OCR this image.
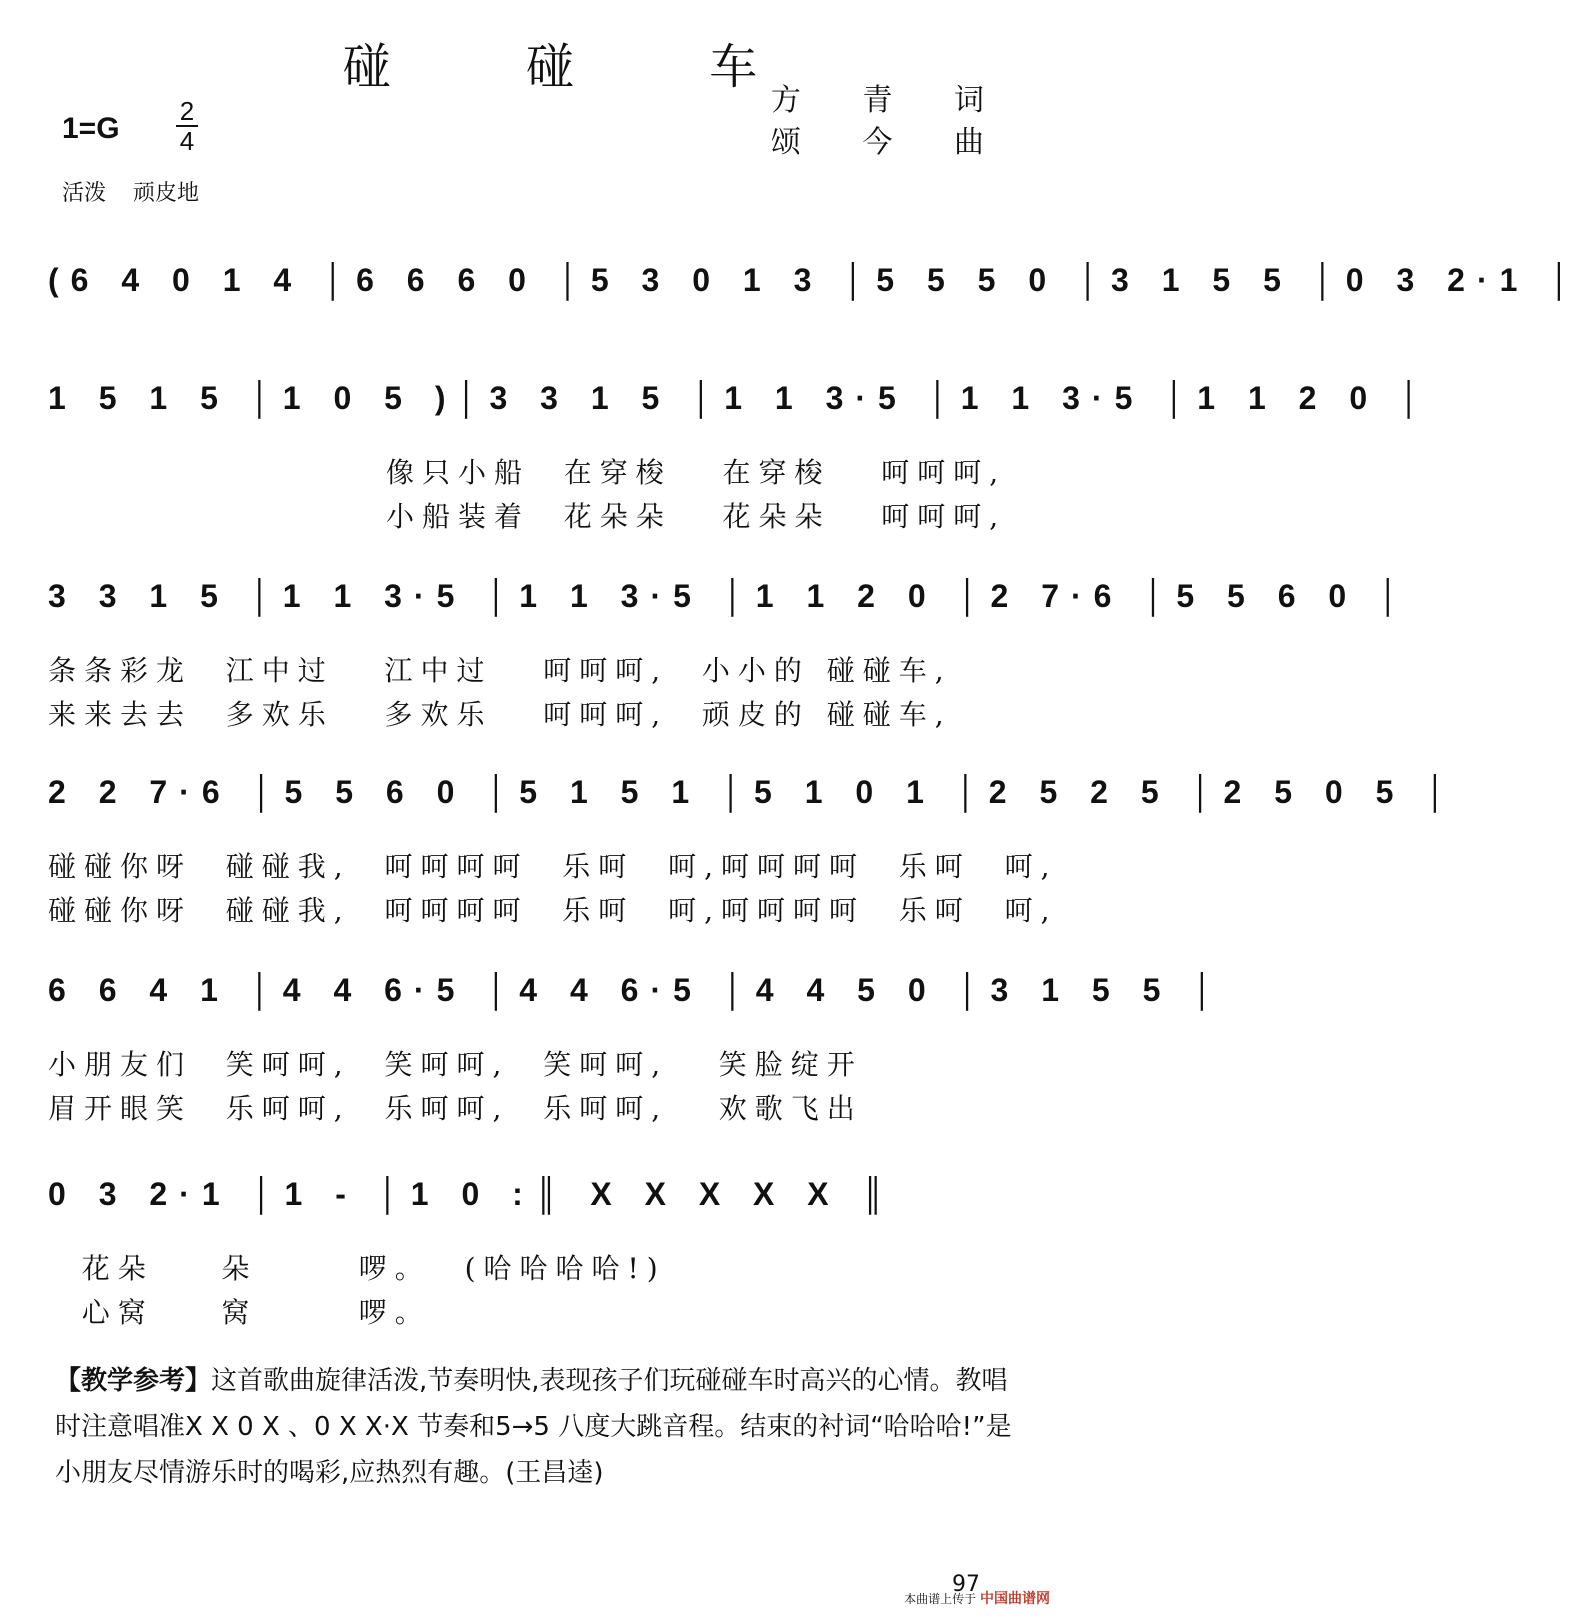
碰 碰 车
方 青 词
颂 今 曲
1=G
2
4
活泼 顽皮地
(6 4 0 1 4 │6 6 6 0 │5 3 0 1 3 │5 5 5 0 │3 1 5 5 │0 3 2·1 │
1 5 1 5 │1 0 5 )│3 3 1 5 │1 1 3·5 │1 1 3·5 │1 1 2 0 │
像只小船  在穿梭   在穿梭   呵呵呵,
小船装着  花朵朵   花朵朵   呵呵呵,
3 3 1 5 │1 1 3·5 │1 1 3·5 │1 1 2 0 │2 7·6 │5 5 6 0 │
条条彩龙  江中过   江中过   呵呵呵,  小小的 碰碰车,
来来去去  多欢乐   多欢乐   呵呵呵,  顽皮的 碰碰车,
2 2 7·6 │5 5 6 0 │5 1 5 1 │5 1 0 1 │2 5 2 5 │2 5 0 5 │
碰碰你呀  碰碰我,  呵呵呵呵  乐呵  呵,呵呵呵呵  乐呵  呵,
碰碰你呀  碰碰我,  呵呵呵呵  乐呵  呵,呵呵呵呵  乐呵  呵,
6 6 4 1 │4 4 6·5 │4 4 6·5 │4 4 5 0 │3 1 5 5 │
小朋友们  笑呵呵,  笑呵呵,  笑呵呵,   笑脸绽开
眉开眼笑  乐呵呵,  乐呵呵,  乐呵呵,   欢歌飞出
0 3 2·1 │1 - │1 0 :║ X X X X X ║
花朵    朵      啰。  (哈哈哈哈!)
心窝    窝      啰。
【教学参考】这首歌曲旋律活泼,节奏明快,表现孩子们玩碰碰车时高兴的心情。教唱时注意唱准X X 0 X 、0 X X·X 节奏和5→5 八度大跳音程。结束的衬词“哈哈哈!”是小朋友尽情游乐时的喝彩,应热烈有趣。(王昌逵)
97
本曲谱上传于 中国曲谱网
